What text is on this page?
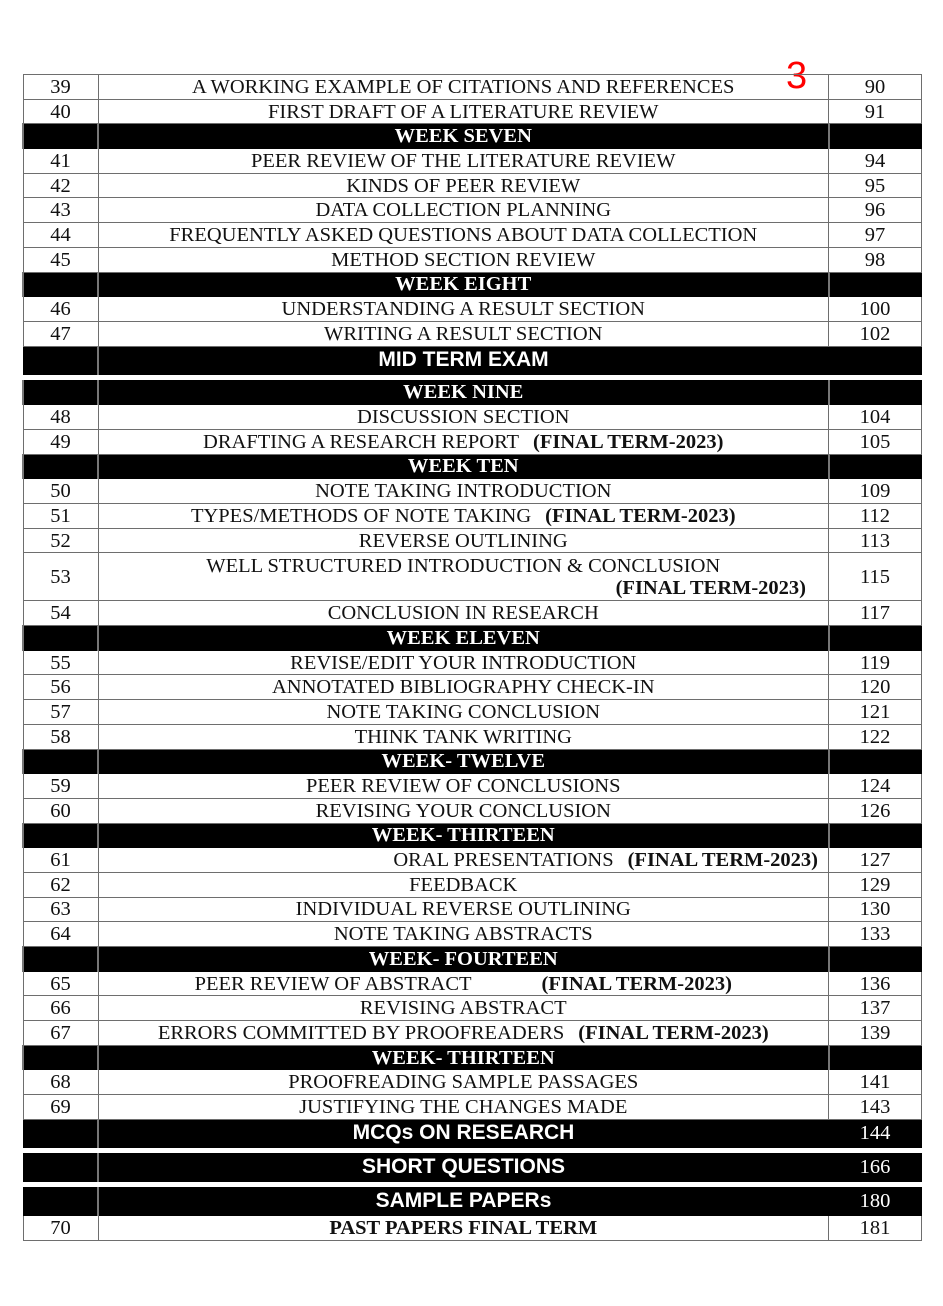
3
39	A WORKING EXAMPLE OF CITATIONS AND REFERENCES	90
40	FIRST DRAFT OF A LITERATURE REVIEW	91
	WEEK SEVEN	
41	PEER REVIEW OF THE LITERATURE REVIEW	94
42	KINDS OF PEER REVIEW	95
43	DATA COLLECTION PLANNING	96
44	FREQUENTLY ASKED QUESTIONS ABOUT DATA COLLECTION	97
45	METHOD SECTION REVIEW	98
	WEEK EIGHT	
46	UNDERSTANDING A RESULT SECTION	100
47	WRITING A RESULT SECTION	102
	MID TERM EXAM	

	WEEK NINE	
48	DISCUSSION SECTION	104
49	DRAFTING A RESEARCH REPORT (FINAL TERM-2023)	105
	WEEK TEN	
50	NOTE TAKING INTRODUCTION	109
51	TYPES/METHODS OF NOTE TAKING (FINAL TERM-2023)	112
52	REVERSE OUTLINING	113
53	WELL STRUCTURED INTRODUCTION & CONCLUSION
(FINAL TERM-2023)	115
54	CONCLUSION IN RESEARCH	117
	WEEK ELEVEN	
55	REVISE/EDIT YOUR INTRODUCTION	119
56	ANNOTATED BIBLIOGRAPHY CHECK-IN	120
57	NOTE TAKING CONCLUSION	121
58	THINK TANK WRITING	122
	WEEK- TWELVE	
59	PEER REVIEW OF CONCLUSIONS	124
60	REVISING YOUR CONCLUSION	126
	WEEK- THIRTEEN	
61	ORAL PRESENTATIONS (FINAL TERM-2023)	127
62	FEEDBACK	129
63	INDIVIDUAL REVERSE OUTLINING	130
64	NOTE TAKING ABSTRACTS	133
	WEEK- FOURTEEN	
65	PEER REVIEW OF ABSTRACT (FINAL TERM-2023)	136
66	REVISING ABSTRACT	137
67	ERRORS COMMITTED BY PROOFREADERS (FINAL TERM-2023)	139
	WEEK- THIRTEEN	
68	PROOFREADING SAMPLE PASSAGES	141
69	JUSTIFYING THE CHANGES MADE	143
	MCQs ON RESEARCH	144

	SHORT QUESTIONS	166

	SAMPLE PAPERs	180
70	PAST PAPERS FINAL TERM	181
